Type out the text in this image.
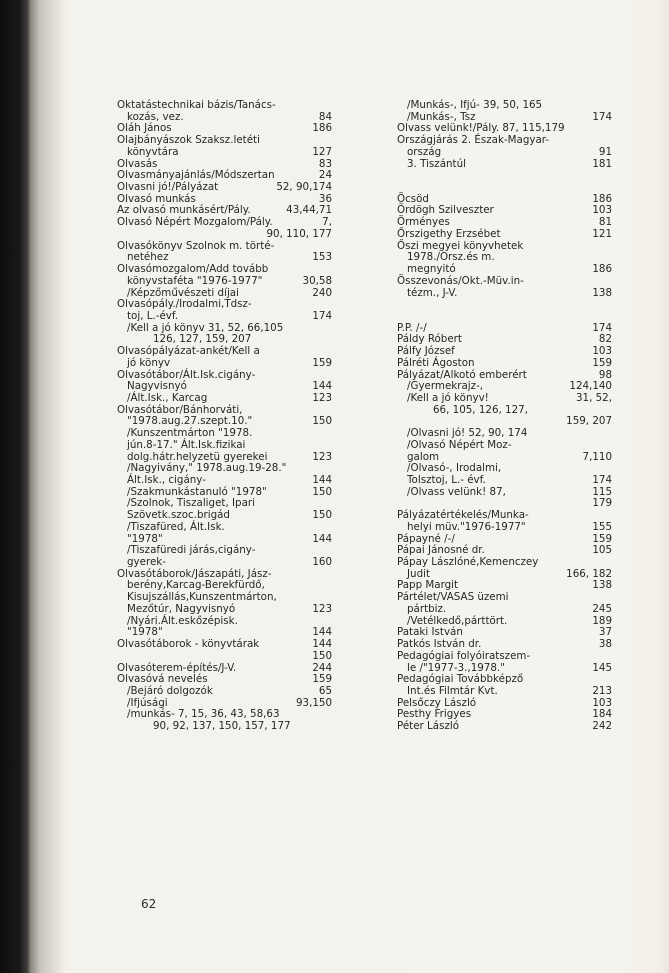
Oktatástechnikai bázis/Tanács-
kozás, vez.	84
Oláh János	186
Olajbányászok Szaksz.letéti
könyvtára	127
Olvasás	83
Olvasmányajánlás/Módszertan	24
Olvasni jó!/Pályázat	52, 90,174
Olvasó munkás	36
Az olvasó munkásért/Pály.	43,44,71
Olvasó Népért Mozgalom/Pály.	7,
90, 110, 177
Olvasókönyv Szolnok m. törté-
netéhez	153
Olvasómozgalom/Add tovább
könyvstaféta "1976-1977"	30,58
/Képzőművészeti díjai	240
Olvasópály./Irodalmi,Tdsz-
toj, L.-évf.	174
/Kell a jó könyv 31, 52, 66,105
126, 127, 159, 207
Olvasópályázat-ankét/Kell a
jó könyv	159
Olvasótábor/Ált.Isk.cigány-
Nagyvisnyó	144
/Ált.Isk., Karcag	123
Olvasótábor/Bánhorváti,
"1978.aug.27.szept.10."	150
/Kunszentmárton "1978.
jún.8-17." Ált.Isk.fizikai
dolg.hátr.helyzetü gyerekei	123
/Nagyivány," 1978.aug.19-28."
Ált.Isk., cigány-	144
/Szakmunkástanuló "1978"	150
/Szolnok, Tiszaliget, Ipari
Szövetk.szoc.brigád	150
/Tiszafüred, Ált.Isk.
"1978"	144
/Tiszafüredi járás,cigány-
gyerek-	160
Olvasótáborok/Jászapáti, Jász-
berény,Karcag-Berekfürdő,
Kisujszállás,Kunszentmárton,
Mezőtúr, Nagyvisnyó	123
/Nyári.Ált.eskőzépisk.
"1978"	144
Olvasótáborok - könyvtárak	144
150
Olvasóterem-építés/J-V.	244
Olvasóvá nevelés	159
/Bejáró dolgozók	65
/Ifjúsági	93,150
/munkás- 7, 15, 36, 43, 58,63
90, 92, 137, 150, 157, 177
/Munkás-, Ifjú- 39, 50, 165
/Munkás-, Tsz	174
Olvass velünk!/Pály. 87, 115,179
Országjárás 2. Észak-Magyar-
ország	91
3. Tiszántúl	181
Öcsöd	186
Ördögh Szilveszter	103
Örményes	81
Őrszigethy Erzsébet	121
Őszi megyei könyvhetek
1978./Orsz.és m.
megnyitó	186
Összevonás/Okt.-Müv.in-
tézm., J-V.	138
P.P. /-/	174
Páldy Róbert	82
Pálfy József	103
Pálréti Ágoston	159
Pályázat/Alkotó emberért	98
/Gyermekrajz-,	124,140
/Kell a jó könyv!	31, 52,
66, 105, 126, 127,
159, 207
/Olvasni jó! 52, 90, 174
/Olvasó Népért Moz-
galom	7,110
/Olvasó-, Irodalmi,
Tolsztoj, L.- évf.	174
/Olvass velünk! 87,	115
179
Pályázatértékelés/Munka-
helyi müv."1976-1977"	155
Pápayné /-/	159
Pápai Jánosné dr.	105
Pápay Lászlóné,Kemenczey
Judit	166, 182
Papp Margit	138
Pártélet/VASAS üzemi
pártbiz.	245
/Vetélkedő,párttört.	189
Pataki István	37
Patkós István dr.	38
Pedagógiai folyóiratszem-
le /"1977-3.,1978."	145
Pedagógiai Továbbképző
Int.és Filmtár Kvt.	213
Pelsőczy László	103
Pesthy Frigyes	184
Péter László	242
62
